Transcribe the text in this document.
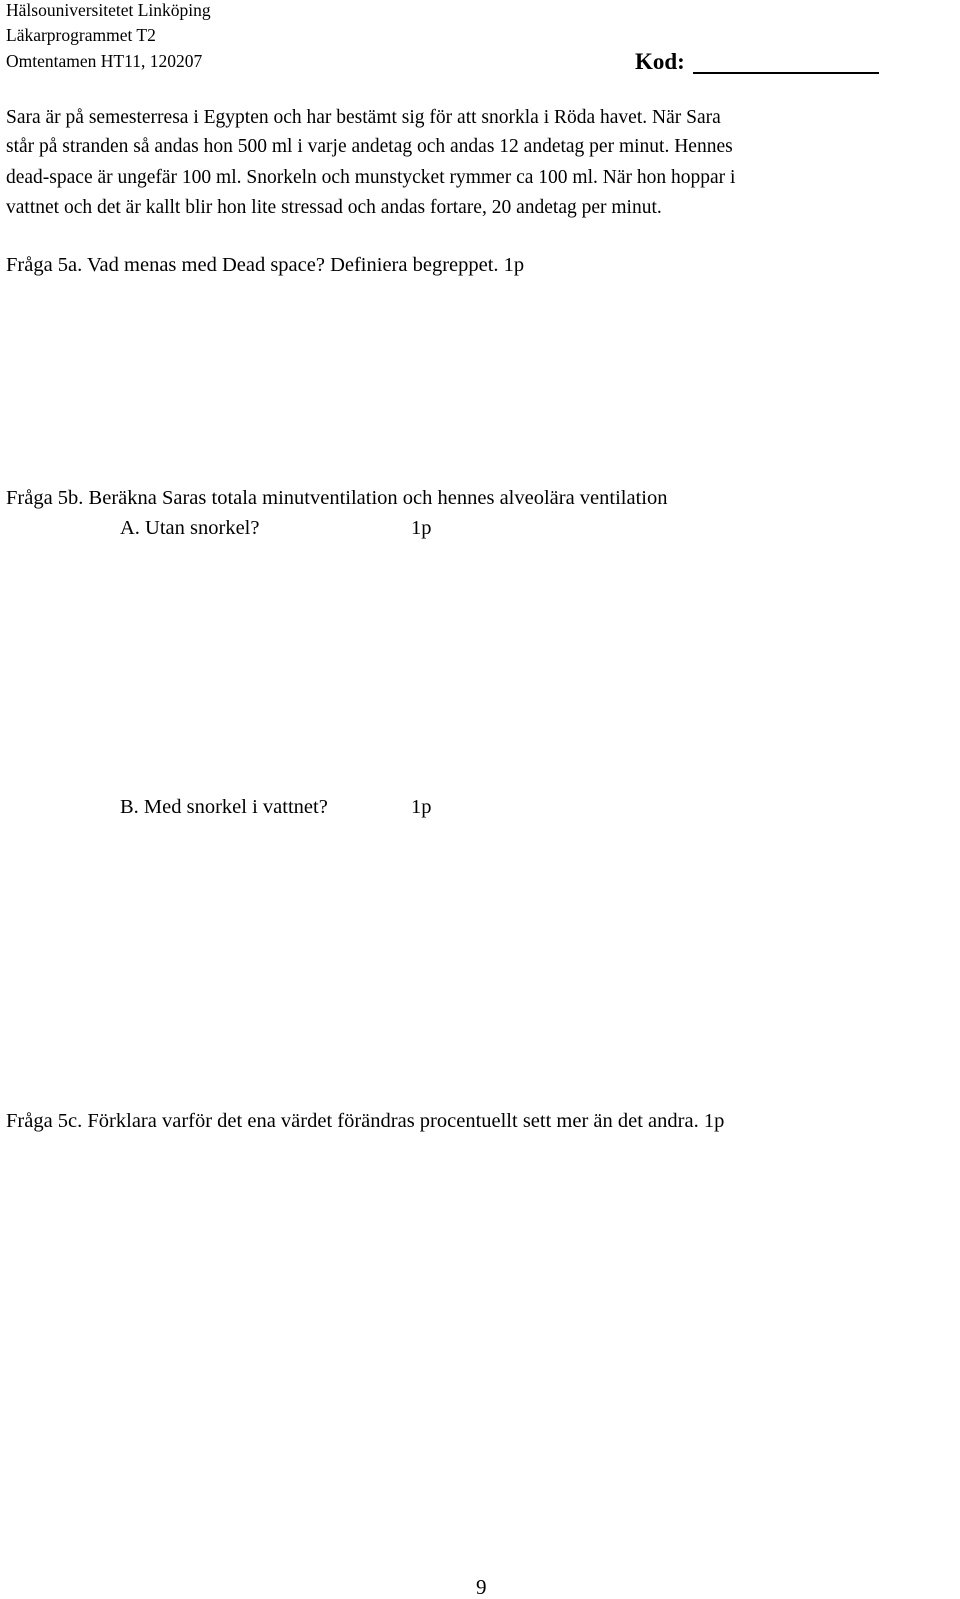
Hälsouniversitetet Linköping
Läkarprogrammet T2
Omtentamen HT11, 120207	Kod:
Sara är på semesterresa i Egypten och har bestämt sig för att snorkla i Röda havet. När Sara
står på stranden så andas hon 500 ml i varje andetag och andas 12 andetag per minut. Hennes
dead-space är ungefär 100 ml. Snorkeln och munstycket rymmer ca 100 ml. När hon hoppar i
vattnet och det är kallt blir hon lite stressad och andas fortare, 20 andetag per minut.
Fråga 5a. Vad menas med Dead space? Definiera begreppet. 1p
Fråga 5b. Beräkna Saras totala minutventilation och hennes alveolära ventilation
A. Utan snorkel?	1p
B. Med snorkel i vattnet?	1p
Fråga 5c. Förklara varför det ena värdet förändras procentuellt sett mer än det andra. 1p
9
